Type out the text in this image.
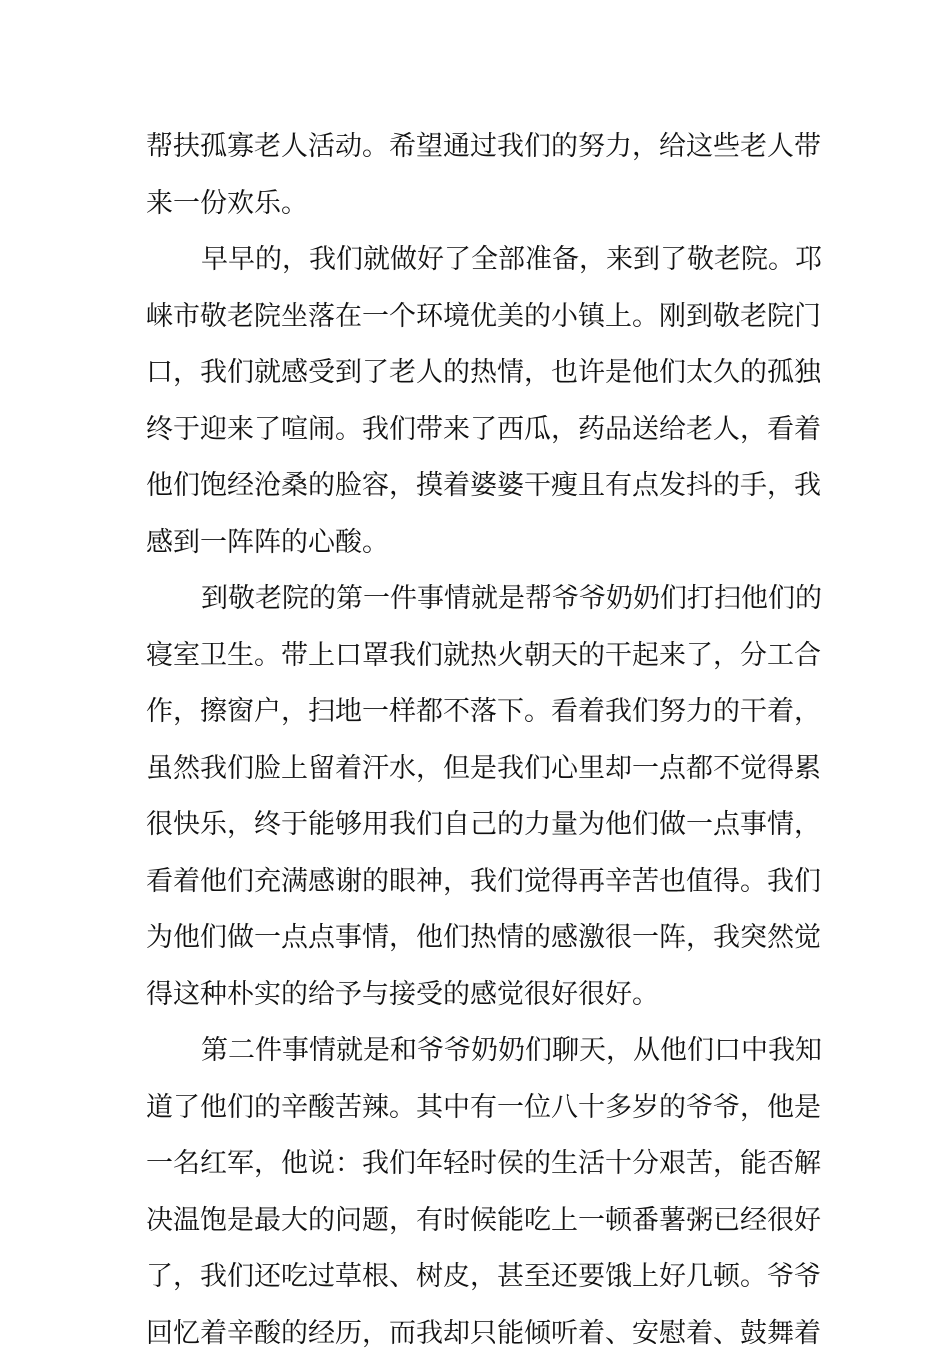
帮扶孤寡老人活动。希望通过我们的努力，给这些老人带
来一份欢乐。
早早的，我们就做好了全部准备，来到了敬老院。邛
崃市敬老院坐落在一个环境优美的小镇上。刚到敬老院门
口，我们就感受到了老人的热情，也许是他们太久的孤独
终于迎来了喧闹。我们带来了西瓜，药品送给老人，看着
他们饱经沧桑的脸容，摸着婆婆干瘦且有点发抖的手，我
感到一阵阵的心酸。
到敬老院的第一件事情就是帮爷爷奶奶们打扫他们的
寝室卫生。带上口罩我们就热火朝天的干起来了，分工合
作，擦窗户，扫地一样都不落下。看着我们努力的干着，
虽然我们脸上留着汗水，但是我们心里却一点都不觉得累
很快乐，终于能够用我们自己的力量为他们做一点事情，
看着他们充满感谢的眼神，我们觉得再辛苦也值得。我们
为他们做一点点事情，他们热情的感激很一阵，我突然觉
得这种朴实的给予与接受的感觉很好很好。
第二件事情就是和爷爷奶奶们聊天，从他们口中我知
道了他们的辛酸苦辣。其中有一位八十多岁的爷爷，他是
一名红军，他说：我们年轻时侯的生活十分艰苦，能否解
决温饱是最大的问题，有时候能吃上一顿番薯粥已经很好
了，我们还吃过草根、树皮，甚至还要饿上好几顿。爷爷
回忆着辛酸的经历，而我却只能倾听着、安慰着、鼓舞着
